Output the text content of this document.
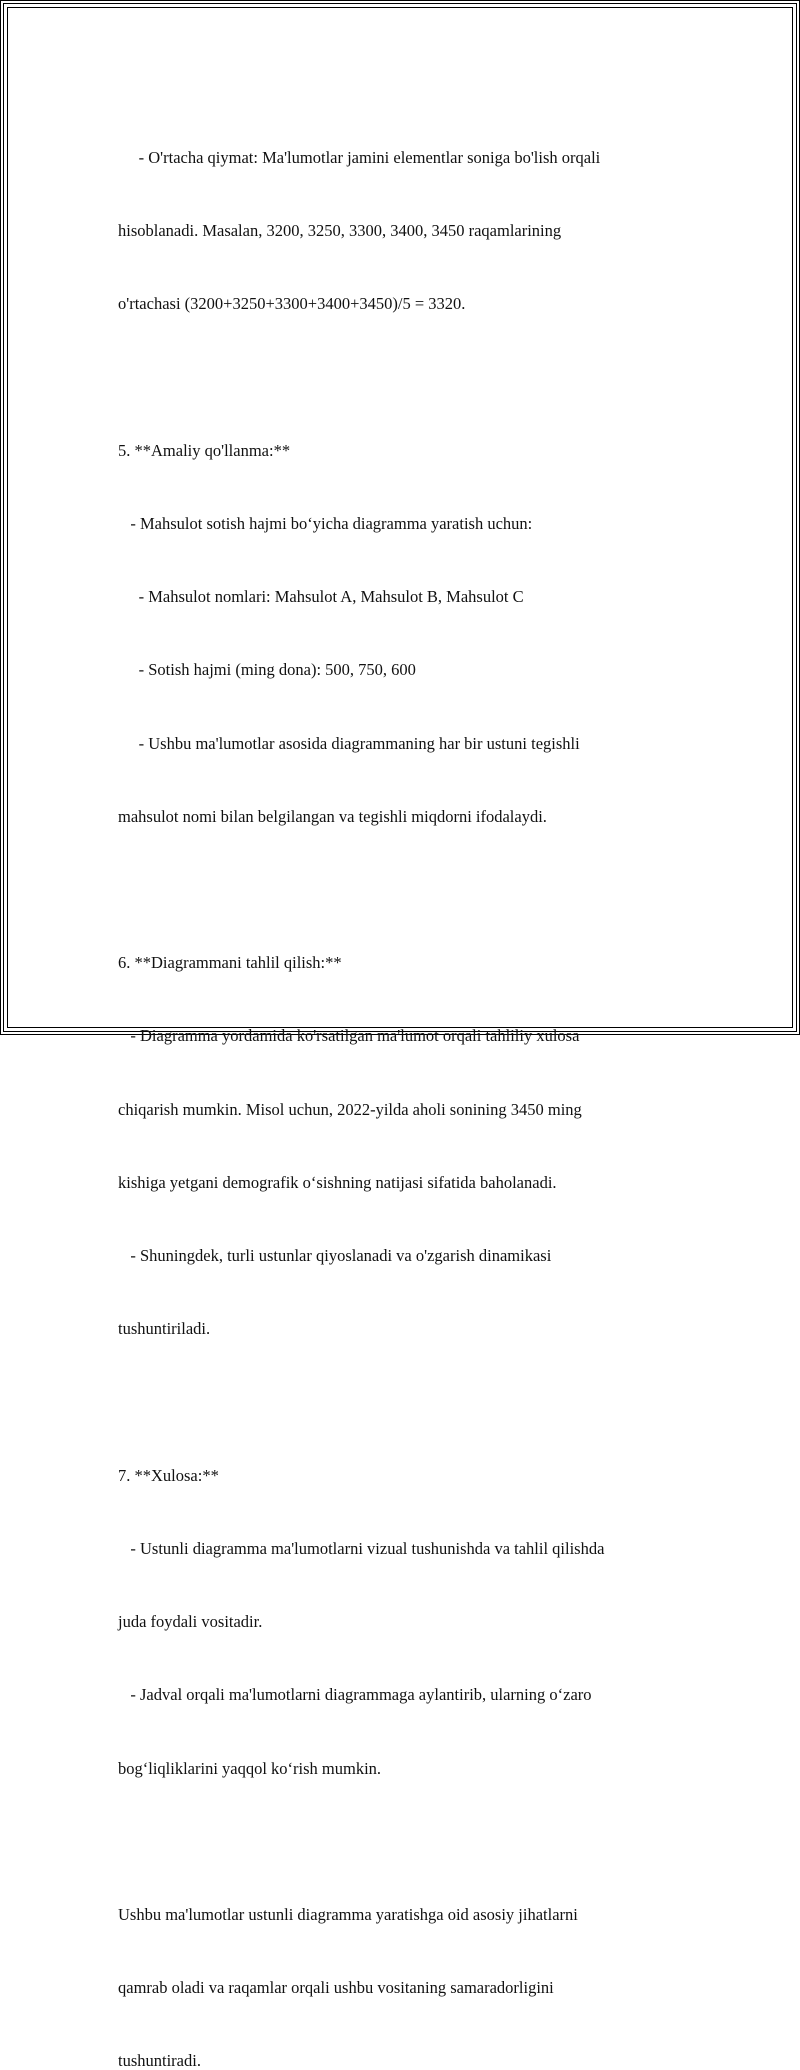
- O'rtacha qiymat: Ma'lumotlar jamini elementlar soniga bo'lish orqali

hisoblanadi. Masalan, 3200, 3250, 3300, 3400, 3450 raqamlarining

o'rtachasi (3200+3250+3300+3400+3450)/5 = 3320.

5. **Amaliy qo'llanma:**

- Mahsulot sotish hajmi bo‘yicha diagramma yaratish uchun:

- Mahsulot nomlari: Mahsulot A, Mahsulot B, Mahsulot C

- Sotish hajmi (ming dona): 500, 750, 600

- Ushbu ma'lumotlar asosida diagrammaning har bir ustuni tegishli

mahsulot nomi bilan belgilangan va tegishli miqdorni ifodalaydi.

6. **Diagrammani tahlil qilish:**

- Diagramma yordamida ko'rsatilgan ma'lumot orqali tahliliy xulosa

chiqarish mumkin. Misol uchun, 2022-yilda aholi sonining 3450 ming

kishiga yetgani demografik o‘sishning natijasi sifatida baholanadi.

- Shuningdek, turli ustunlar qiyoslanadi va o'zgarish dinamikasi

tushuntiriladi.

7. **Xulosa:**

- Ustunli diagramma ma'lumotlarni vizual tushunishda va tahlil qilishda

juda foydali vositadir.

- Jadval orqali ma'lumotlarni diagrammaga aylantirib, ularning o‘zaro

bog‘liqliklarini yaqqol ko‘rish mumkin.

Ushbu ma'lumotlar ustunli diagramma yaratishga oid asosiy jihatlarni

qamrab oladi va raqamlar orqali ushbu vositaning samaradorligini

tushuntiradi.
